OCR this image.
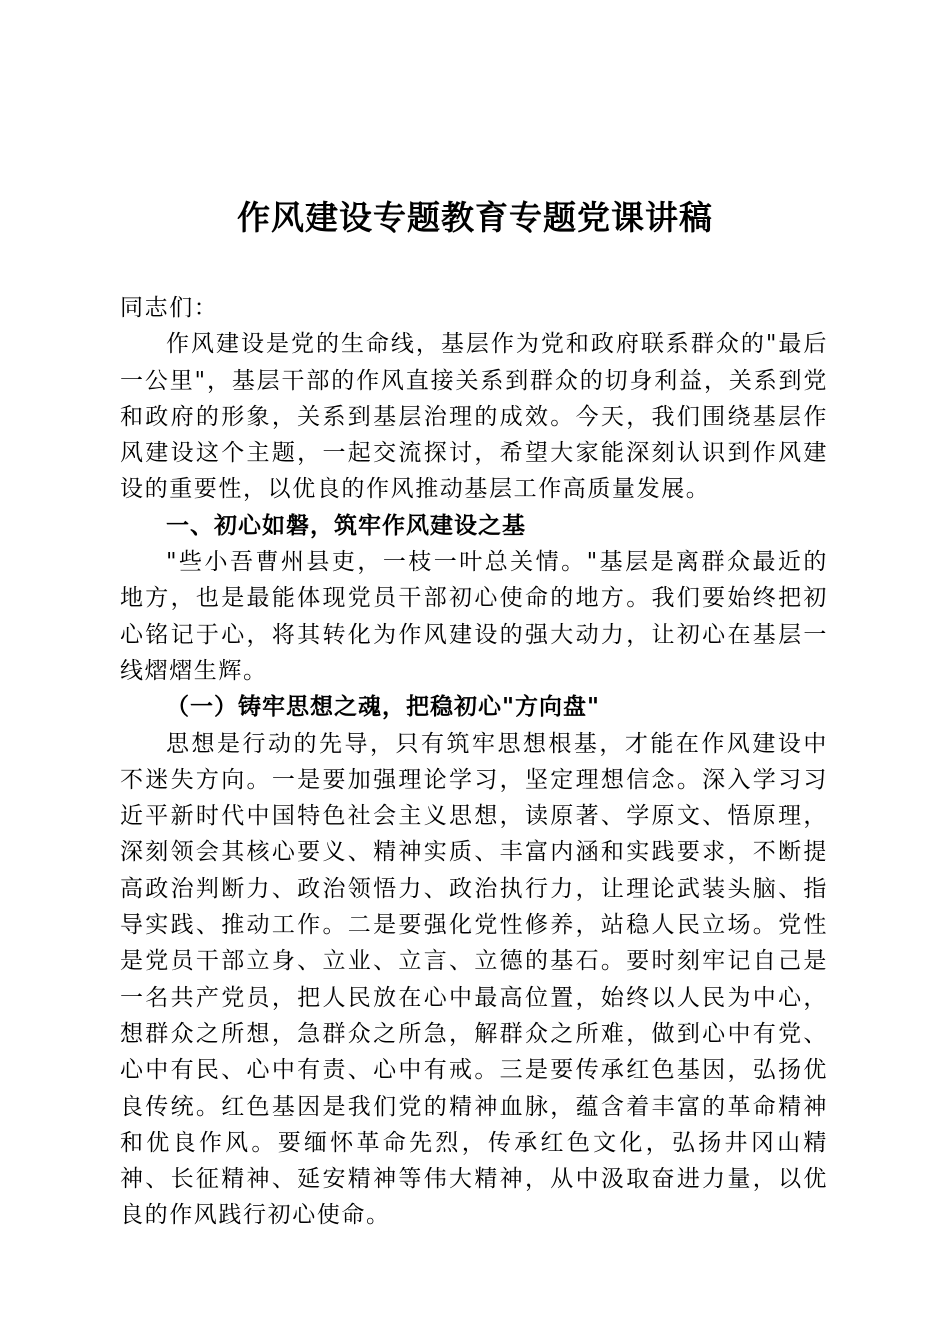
作风建设专题教育专题党课讲稿

同志们：

作风建设是党的生命线，基层作为党和政府联系群众的"最后一公里"，基层干部的作风直接关系到群众的切身利益，关系到党和政府的形象，关系到基层治理的成效。今天，我们围绕基层作风建设这个主题，一起交流探讨，希望大家能深刻认识到作风建设的重要性，以优良的作风推动基层工作高质量发展。

一、初心如磐，筑牢作风建设之基

"些小吾曹州县吏，一枝一叶总关情。"基层是离群众最近的地方，也是最能体现党员干部初心使命的地方。我们要始终把初心铭记于心，将其转化为作风建设的强大动力，让初心在基层一线熠熠生辉。

（一）铸牢思想之魂，把稳初心"方向盘"

思想是行动的先导，只有筑牢思想根基，才能在作风建设中不迷失方向。一是要加强理论学习，坚定理想信念。深入学习习近平新时代中国特色社会主义思想，读原著、学原文、悟原理，深刻领会其核心要义、精神实质、丰富内涵和实践要求，不断提高政治判断力、政治领悟力、政治执行力，让理论武装头脑、指导实践、推动工作。二是要强化党性修养，站稳人民立场。党性是党员干部立身、立业、立言、立德的基石。要时刻牢记自己是一名共产党员，把人民放在心中最高位置，始终以人民为中心，想群众之所想，急群众之所急，解群众之所难，做到心中有党、心中有民、心中有责、心中有戒。三是要传承红色基因，弘扬优良传统。红色基因是我们党的精神血脉，蕴含着丰富的革命精神和优良作风。要缅怀革命先烈，传承红色文化，弘扬井冈山精神、长征精神、延安精神等伟大精神，从中汲取奋进力量，以优良的作风践行初心使命。
